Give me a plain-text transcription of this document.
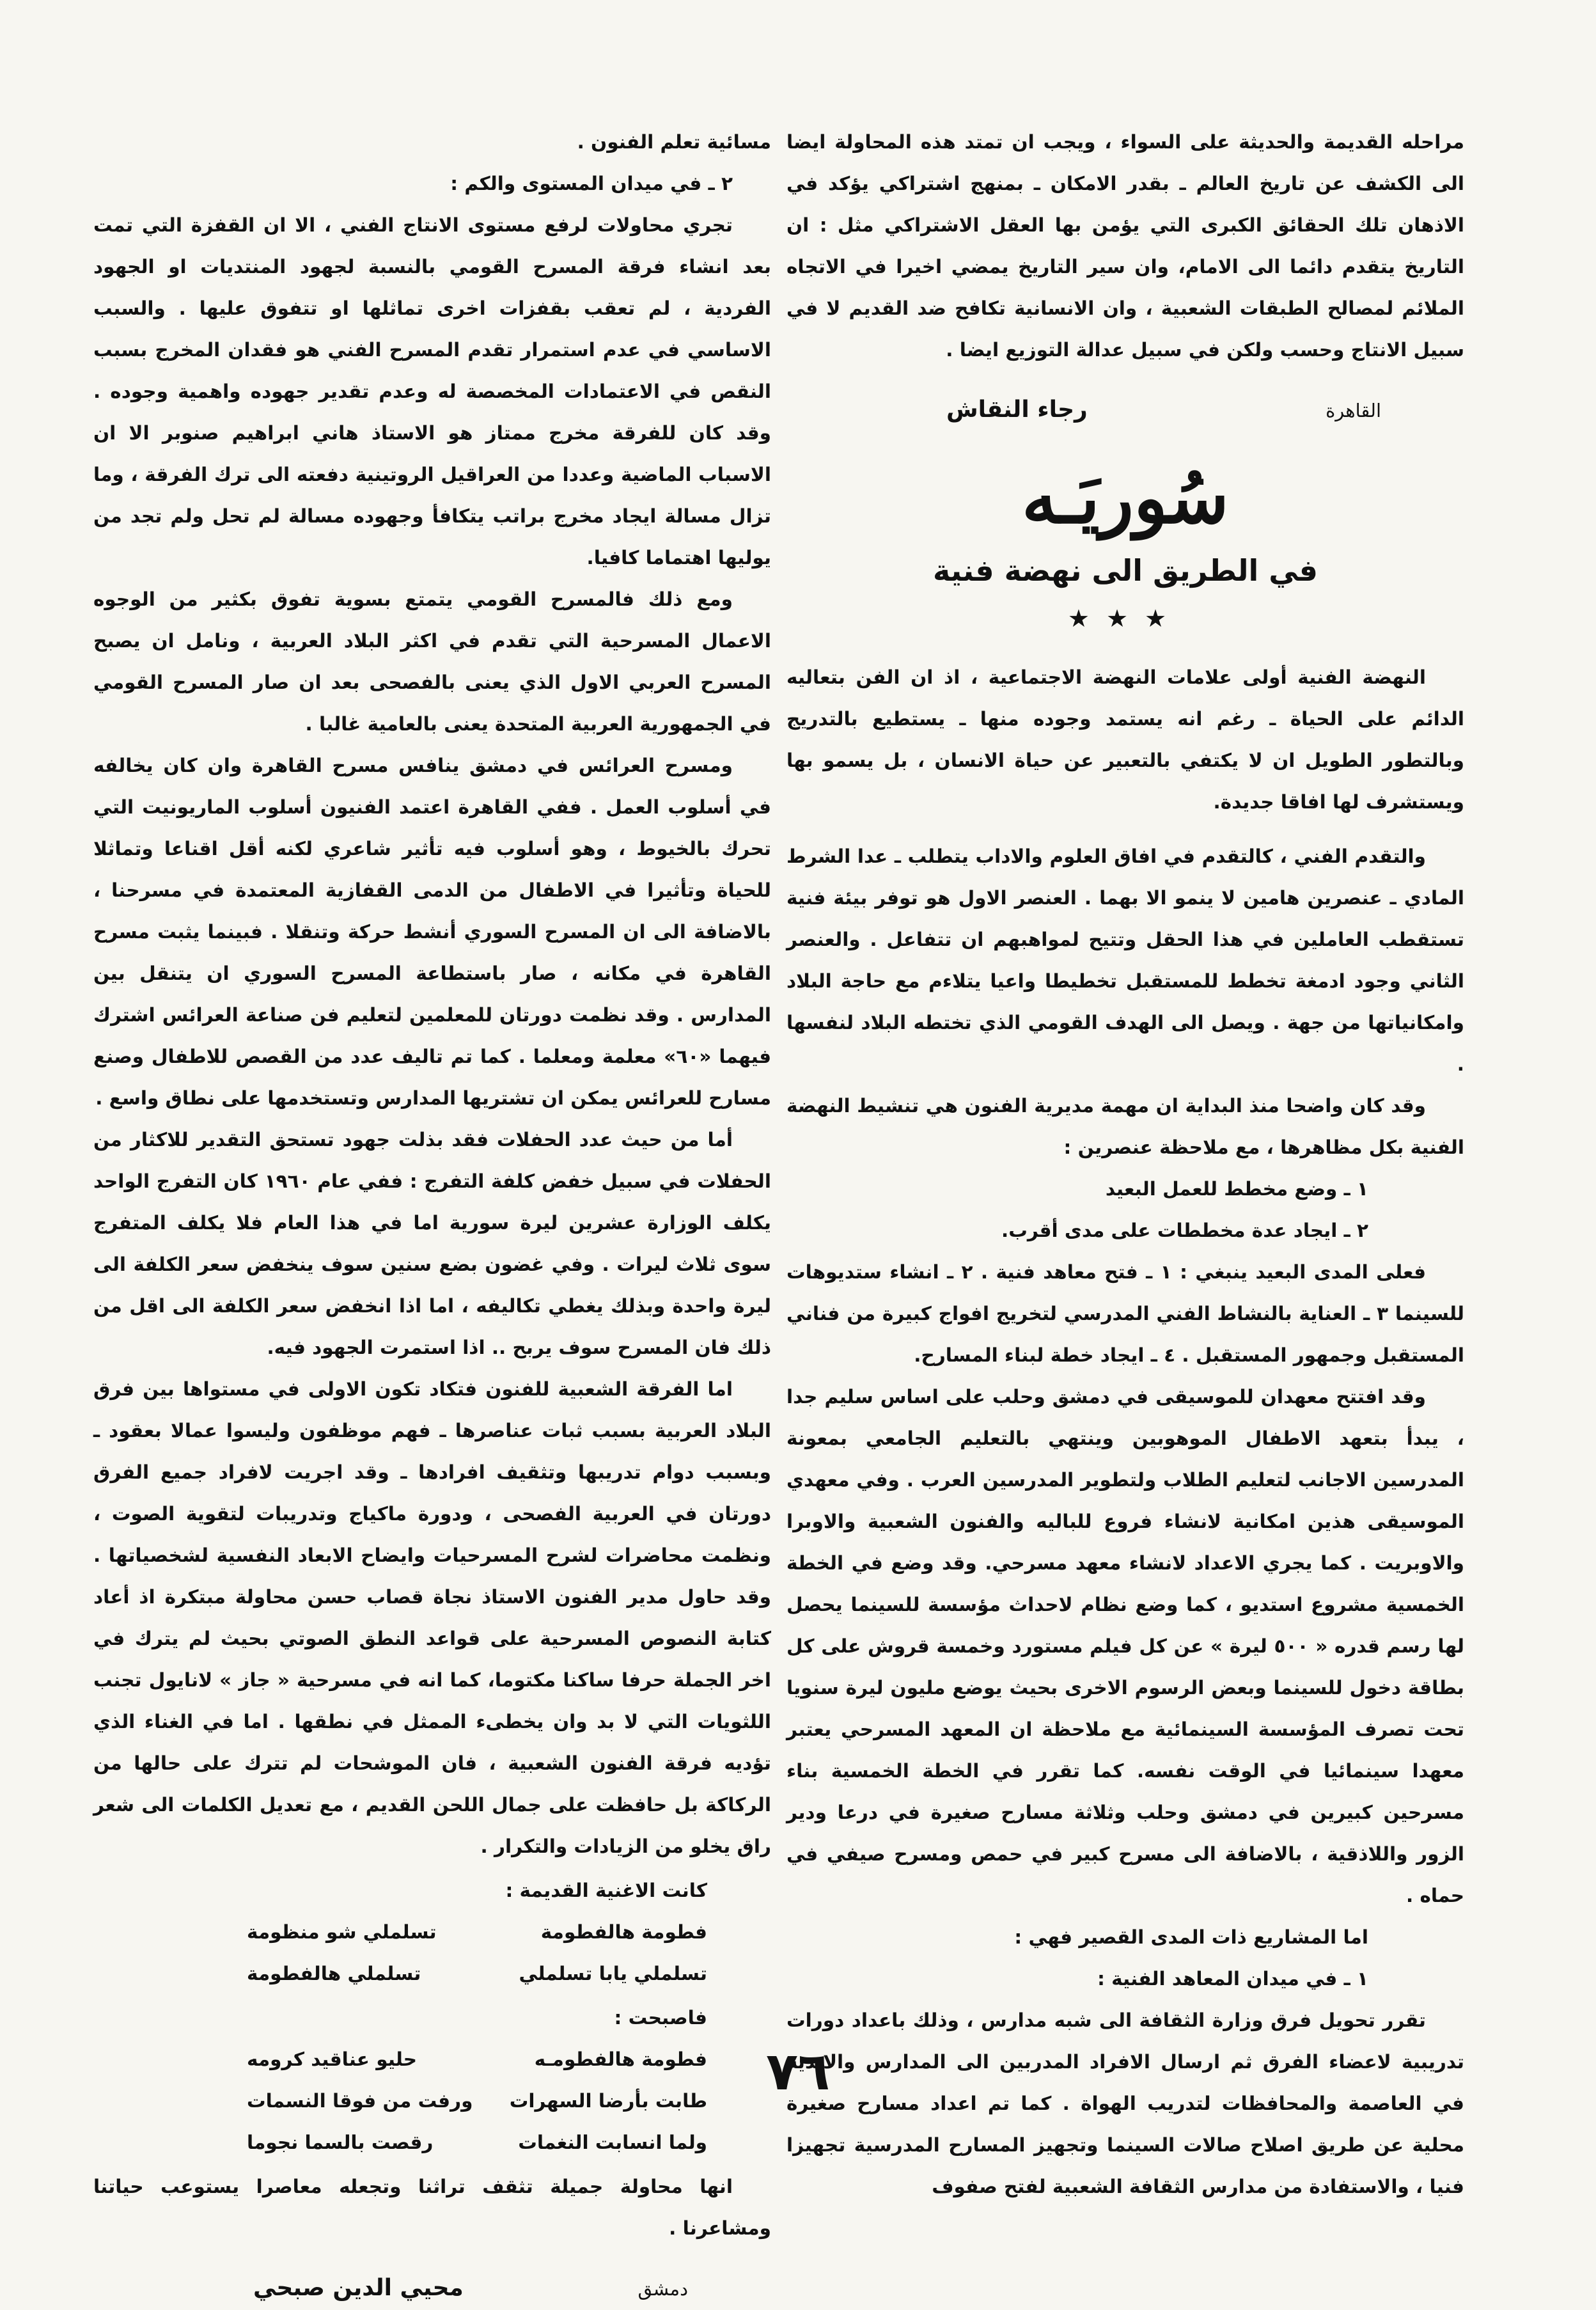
مراحله القديمة والحديثة على السواء ، ويجب ان تمتد هذه المحاولة ايضا الى الكشف عن تاريخ العالم ـ بقدر الامكان ـ بمنهج اشتراكي يؤكد في الاذهان تلك الحقائق الكبرى التي يؤمن بها العقل الاشتراكي مثل : ان التاريخ يتقدم دائما الى الامام، وان سير التاريخ يمضي اخيرا في الاتجاه الملائم لمصالح الطبقات الشعبية ، وان الانسانية تكافح ضد القديم لا في سبيل الانتاج وحسب ولكن في سبيل عدالة التوزيع ايضا .

القاهرة
رجاء النقاش
سُوريَـه
في الطريق الى نهضة فنية
★★★

النهضة الفنية أولى علامات النهضة الاجتماعية ، اذ ان الفن بتعاليه الدائم على الحياة ـ رغم انه يستمد وجوده منها ـ يستطيع بالتدريج وبالتطور الطويل ان لا يكتفي بالتعبير عن حياة الانسان ، بل يسمو بها ويستشرف لها افاقا جديدة.

والتقدم الفني ، كالتقدم في افاق العلوم والاداب يتطلب ـ عدا الشرط المادي ـ عنصرين هامين لا ينمو الا بهما . العنصر الاول هو توفر بيئة فنية تستقطب العاملين في هذا الحقل وتتيح لمواهبهم ان تتفاعل . والعنصر الثاني وجود ادمغة تخطط للمستقبل تخطيطا واعيا يتلاءم مع حاجة البلاد وامكانياتها من جهة . ويصل الى الهدف القومي الذي تختطه البلاد لنفسها .

وقد كان واضحا منذ البداية ان مهمة مديرية الفنون هي تنشيط النهضة الفنية بكل مظاهرها ، مع ملاحظة عنصرين :

١ ـ وضع مخطط للعمل البعيد

٢ ـ ايجاد عدة مخططات على مدى أقرب.

فعلى المدى البعيد ينبغي : ١ ـ فتح معاهد فنية . ٢ ـ انشاء ستديوهات للسينما ٣ ـ العناية بالنشاط الفني المدرسي لتخريج افواج كبيرة من فناني المستقبل وجمهور المستقبل . ٤ ـ ايجاد خطة لبناء المسارح.

وقد افتتح معهدان للموسيقى في دمشق وحلب على اساس سليم جدا ، يبدأ بتعهد الاطفال الموهوبين وينتهي بالتعليم الجامعي بمعونة المدرسين الاجانب لتعليم الطلاب ولتطوير المدرسين العرب . وفي معهدي الموسيقى هذين امكانية لانشاء فروع للباليه والفنون الشعبية والاوبرا والاوبريت . كما يجري الاعداد لانشاء معهد مسرحي. وقد وضع في الخطة الخمسية مشروع استديو ، كما وضع نظام لاحداث مؤسسة للسينما يحصل لها رسم قدره « ٥٠٠ ليرة » عن كل فيلم مستورد وخمسة قروش على كل بطاقة دخول للسينما وبعض الرسوم الاخرى بحيث يوضع مليون ليرة سنويا تحت تصرف المؤسسة السينمائية مع ملاحظة ان المعهد المسرحي يعتبر معهدا سينمائيا في الوقت نفسه. كما تقرر في الخطة الخمسية بناء مسرحين كبيرين في دمشق وحلب وثلاثة مسارح صغيرة في درعا ودير الزور واللاذقية ، بالاضافة الى مسرح كبير في حمص ومسرح صيفي في حماه .

اما المشاريع ذات المدى القصير فهي :

١ ـ في ميدان المعاهد الفنية :

تقرر تحويل فرق وزارة الثقافة الى شبه مدارس ، وذلك باعداد دورات تدريبية لاعضاء الفرق ثم ارسال الافراد المدربين الى المدارس والاندية في العاصمة والمحافظات لتدريب الهواة . كما تم اعداد مسارح صغيرة محلية عن طريق اصلاح صالات السينما وتجهيز المسارح المدرسية تجهيزا فنيا ، والاستفادة من مدارس الثقافة الشعبية لفتح صفوف

مسائية تعلم الفنون .

٢ ـ في ميدان المستوى والكم :

تجري محاولات لرفع مستوى الانتاج الفني ، الا ان القفزة التي تمت بعد انشاء فرقة المسرح القومي بالنسبة لجهود المنتديات او الجهود الفردية ، لم تعقب بقفزات اخرى تماثلها او تتفوق عليها . والسبب الاساسي في عدم استمرار تقدم المسرح الفني هو فقدان المخرج بسبب النقص في الاعتمادات المخصصة له وعدم تقدير جهوده واهمية وجوده . وقد كان للفرقة مخرج ممتاز هو الاستاذ هاني ابراهيم صنوبر الا ان الاسباب الماضية وعددا من العراقيل الروتينية دفعته الى ترك الفرقة ، وما تزال مسالة ايجاد مخرج براتب يتكافأ وجهوده مسالة لم تحل ولم تجد من يوليها اهتماما كافيا.

ومع ذلك فالمسرح القومي يتمتع بسوية تفوق بكثير من الوجوه الاعمال المسرحية التي تقدم في اكثر البلاد العربية ، ونامل ان يصبح المسرح العربي الاول الذي يعنى بالفصحى بعد ان صار المسرح القومي في الجمهورية العربية المتحدة يعنى بالعامية غالبا .

ومسرح العرائس في دمشق ينافس مسرح القاهرة وان كان يخالفه في أسلوب العمل . ففي القاهرة اعتمد الفنيون أسلوب الماريونيت التي تحرك بالخيوط ، وهو أسلوب فيه تأثير شاعري لكنه أقل اقناعا وتماثلا للحياة وتأثيرا في الاطفال من الدمى القفازية المعتمدة في مسرحنا ، بالاضافة الى ان المسرح السوري أنشط حركة وتنقلا . فبينما يثبت مسرح القاهرة في مكانه ، صار باستطاعة المسرح السوري ان يتنقل بين المدارس . وقد نظمت دورتان للمعلمين لتعليم فن صناعة العرائس اشترك فيهما «٦٠» معلمة ومعلما . كما تم تاليف عدد من القصص للاطفال وصنع مسارح للعرائس يمكن ان تشتريها المدارس وتستخدمها على نطاق واسع .

أما من حيث عدد الحفلات فقد بذلت جهود تستحق التقدير للاكثار من الحفلات في سبيل خفض كلفة التفرج : ففي عام ١٩٦٠ كان التفرج الواحد يكلف الوزارة عشرين ليرة سورية اما في هذا العام فلا يكلف المتفرج سوى ثلاث ليرات . وفي غضون بضع سنين سوف ينخفض سعر الكلفة الى ليرة واحدة وبذلك يغطي تكاليفه ، اما اذا انخفض سعر الكلفة الى اقل من ذلك فان المسرح سوف يربح .. اذا استمرت الجهود فيه.

اما الفرقة الشعبية للفنون فتكاد تكون الاولى في مستواها بين فرق البلاد العربية بسبب ثبات عناصرها ـ فهم موظفون وليسوا عمالا بعقود ـ وبسبب دوام تدريبها وتثقيف افرادها ـ وقد اجريت لافراد جميع الفرق دورتان في العربية الفصحى ، ودورة ماكياج وتدريبات لتقوية الصوت ، ونظمت محاضرات لشرح المسرحيات وايضاح الابعاد النفسية لشخصياتها . وقد حاول مدير الفنون الاستاذ نجاة قصاب حسن محاولة مبتكرة اذ أعاد كتابة النصوص المسرحية على قواعد النطق الصوتي بحيث لم يترك في اخر الجملة حرفا ساكنا مكتوما، كما انه في مسرحية « جاز » لانايول تجنب اللثويات التي لا بد وان يخطىء الممثل في نطقها . اما في الغناء الذي تؤديه فرقة الفنون الشعبية ، فان الموشحات لم تترك على حالها من الركاكة بل حافظت على جمال اللحن القديم ، مع تعديل الكلمات الى شعر راق يخلو من الزيادات والتكرار .

كانت الاغنية القديمة :
فطومة هالفطومة
تسلملي شو منظومة
تسلملي يابا تسلملي
تسلملي هالفطومة
فاصبحت :
فطومة هالفطومـه
حليو عناقيد كرومه
طابت بأرضا السهرات
ورفت من فوقا النسمات
ولما انسابت النغمات
رقصت بالسما نجوما

انها محاولة جميلة تثقف تراثنا وتجعله معاصرا يستوعب حياتنا ومشاعرنا .

دمشق
محيي الدين صبحي
٧٦
